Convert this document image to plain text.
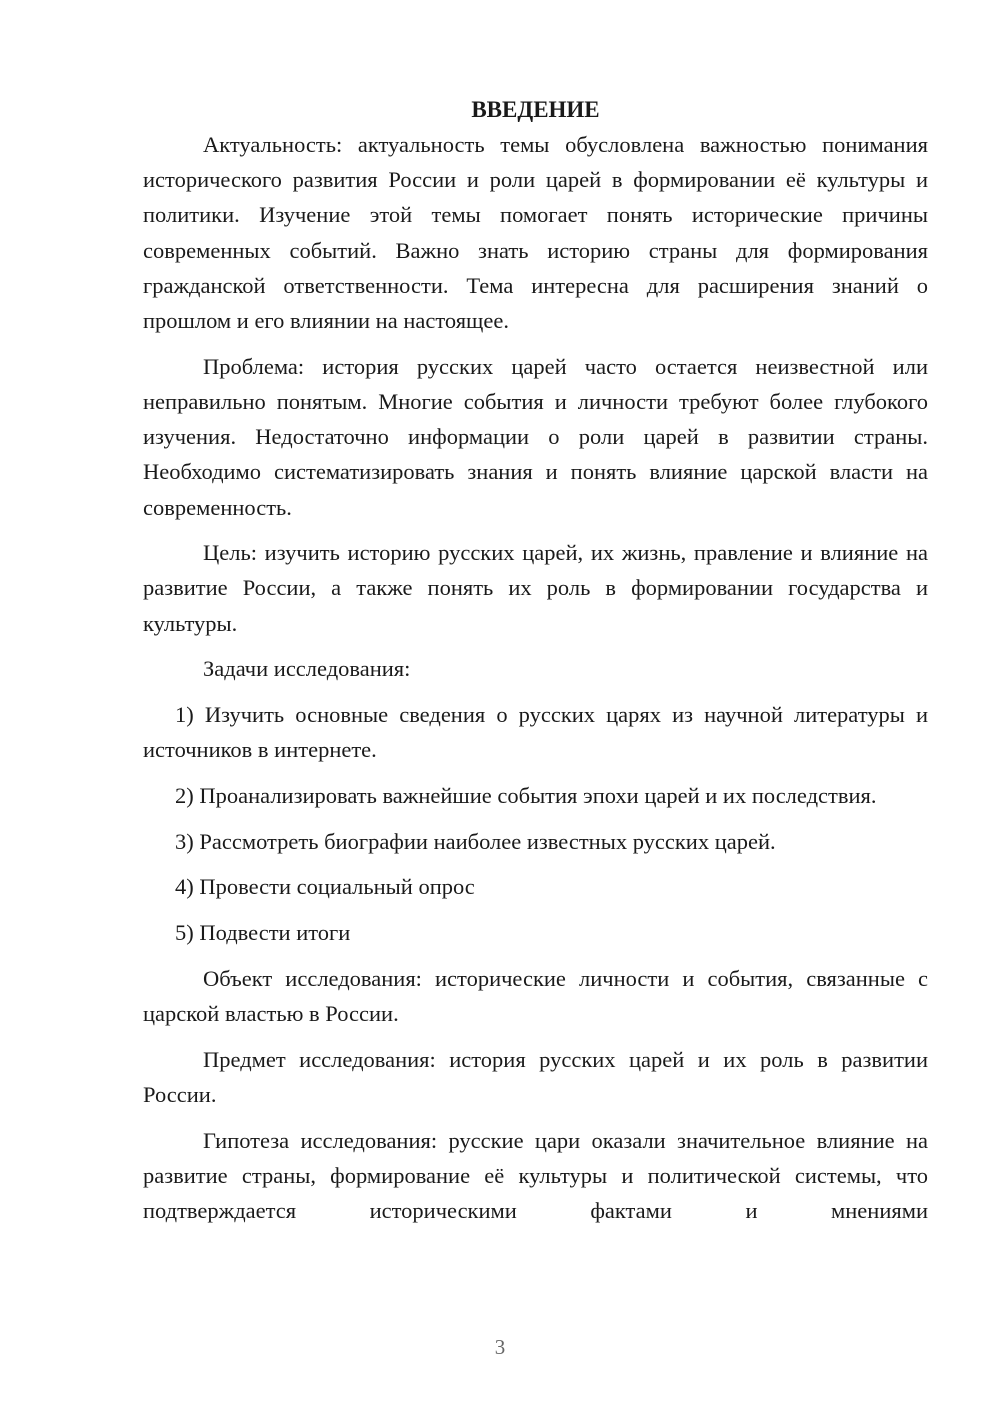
ВВЕДЕНИЕ

Актуальность: актуальность темы обусловлена важностью понимания исторического развития России и роли царей в формировании её культуры и политики. Изучение этой темы помогает понять исторические причины современных событий. Важно знать историю страны для формирования гражданской ответственности. Тема интересна для расширения знаний о прошлом и его влиянии на настоящее.

Проблема: история русских царей часто остается неизвестной или неправильно понятым. Многие события и личности требуют более глубокого изучения. Недостаточно информации о роли царей в развитии страны. Необходимо систематизировать знания и понять влияние царской власти на современность.

Цель: изучить историю русских царей, их жизнь, правление и влияние на развитие России, а также понять их роль в формировании государства и культуры.

Задачи исследования:

1) Изучить основные сведения о русских царях из научной литературы и источников в интернете.

2) Проанализировать важнейшие события эпохи царей и их последствия.

3) Рассмотреть биографии наиболее известных русских царей.

4) Провести социальный опрос

5) Подвести итоги

Объект исследования: исторические личности и события, связанные с царской властью в России.

Предмет исследования: история русских царей и их роль в развитии России.

Гипотеза исследования: русские цари оказали значительное влияние на развитие страны, формирование её культуры и политической системы, что подтверждается историческими фактами и мнениями

3
